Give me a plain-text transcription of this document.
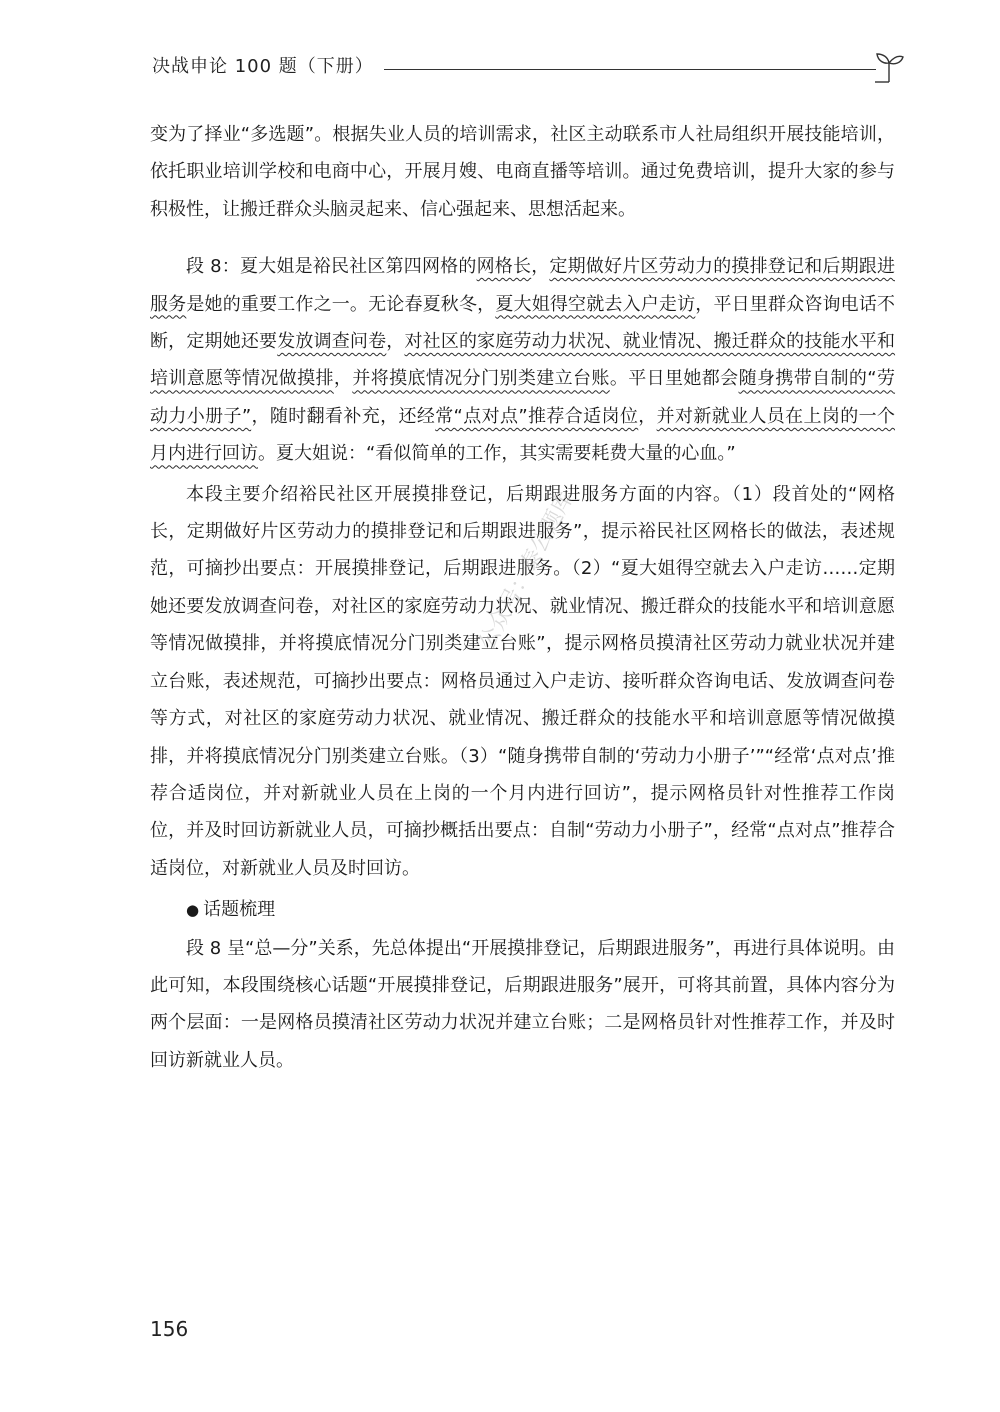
决战申论 100 题（下册）

变为了择业“多选题”。根据失业人员的培训需求，社区主动联系市人社局组织开展技能培训，依托职业培训学校和电商中心，开展月嫂、电商直播等培训。通过免费培训，提升大家的参与积极性，让搬迁群众头脑灵起来、信心强起来、思想活起来。

段 8：夏大姐是裕民社区第四网格的网格长，定期做好片区劳动力的摸排登记和后期跟进服务是她的重要工作之一。无论春夏秋冬，夏大姐得空就去入户走访，平日里群众咨询电话不断，定期她还要发放调查问卷，对社区的家庭劳动力状况、就业情况、搬迁群众的技能水平和培训意愿等情况做摸排，并将摸底情况分门别类建立台账。平日里她都会随身携带自制的“劳动力小册子”，随时翻看补充，还经常“点对点”推荐合适岗位，并对新就业人员在上岗的一个月内进行回访。夏大姐说：“看似简单的工作，其实需要耗费大量的心血。”

本段主要介绍裕民社区开展摸排登记，后期跟进服务方面的内容。（1）段首处的“网格长，定期做好片区劳动力的摸排登记和后期跟进服务”，提示裕民社区网格长的做法，表述规范，可摘抄出要点：开展摸排登记，后期跟进服务。（2）“夏大姐得空就去入户走访……定期她还要发放调查问卷，对社区的家庭劳动力状况、就业情况、搬迁群众的技能水平和培训意愿等情况做摸排，并将摸底情况分门别类建立台账”，提示网格员摸清社区劳动力就业状况并建立台账，表述规范，可摘抄出要点：网格员通过入户走访、接听群众咨询电话、发放调查问卷等方式，对社区的家庭劳动力状况、就业情况、搬迁群众的技能水平和培训意愿等情况做摸排，并将摸底情况分门别类建立台账。（3）“随身携带自制的‘劳动力小册子’”“经常‘点对点’推荐合适岗位，并对新就业人员在上岗的一个月内进行回访”，提示网格员针对性推荐工作岗位，并及时回访新就业人员，可摘抄概括出要点：自制“劳动力小册子”，经常“点对点”推荐合适岗位，对新就业人员及时回访。

● 话题梳理

段 8 呈“总—分”关系，先总体提出“开展摸排登记，后期跟进服务”，再进行具体说明。由此可知，本段围绕核心话题“开展摸排登记，后期跟进服务”展开，可将其前置，具体内容分为两个层面：一是网格员摸清社区劳动力状况并建立台账；二是网格员针对性推荐工作，并及时回访新就业人员。

公众号：泰公题库
156
